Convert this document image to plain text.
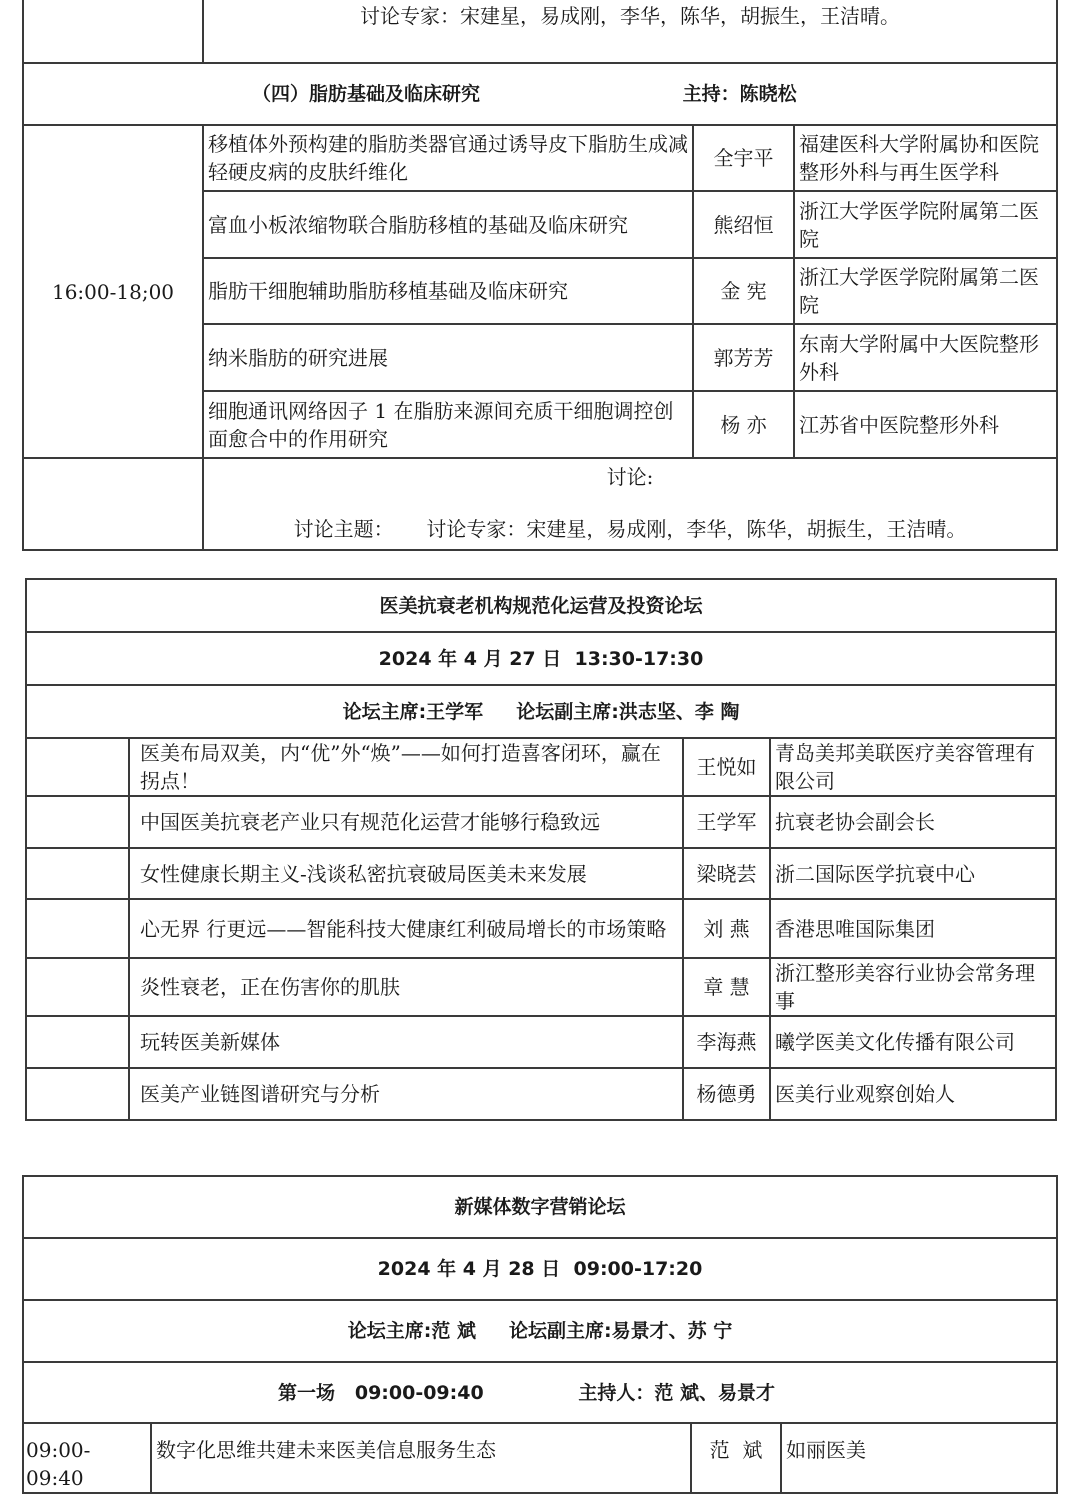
	讨论专家：宋建星，易成刚，李华，陈华，胡振生，王洁晴。		
（四）脂肪基础及临床研究 主持：陈晓松			
16:00-18;00	移植体外预构建的脂肪类器官通过诱导皮下脂肪生成减轻硬皮病的皮肤纤维化	全宇平	福建医科大学附属协和医院整形外科与再生医学科
	富血小板浓缩物联合脂肪移植的基础及临床研究	熊绍恒	浙江大学医学院附属第二医院
	脂肪干细胞辅助脂肪移植基础及临床研究	金 宪	浙江大学医学院附属第二医院
	纳米脂肪的研究进展	郭芳芳	东南大学附属中大医院整形外科
	细胞通讯网络因子 1 在脂肪来源间充质干细胞调控创面愈合中的作用研究	杨 亦	江苏省中医院整形外科

	讨论:
讨论主题： 讨论专家：宋建星，易成刚，李华，陈华，胡振生，王洁晴。		
医美抗衰老机构规范化运营及投资论坛			
2024 年 4 月 27 日  13:30-17:30			
论坛主席:王学军     论坛副主席:洪志坚、李 陶			
	医美布局双美，内“优”外“焕”——如何打造喜客闭环，赢在拐点！	王悦如	青岛美邦美联医疗美容管理有限公司
	中国医美抗衰老产业只有规范化运营才能够行稳致远	王学军	抗衰老协会副会长
	女性健康长期主义-浅谈私密抗衰破局医美未来发展	梁晓芸	浙二国际医学抗衰中心
	心无界 行更远——智能科技大健康红利破局增长的市场策略	刘 燕	香港思唯国际集团
	炎性衰老，正在伤害你的肌肤	章 慧	浙江整形美容行业协会常务理事
	玩转医美新媒体	李海燕	曦学医美文化传播有限公司
	医美产业链图谱研究与分析	杨德勇	医美行业观察创始人
新媒体数字营销论坛
2024 年 4 月 28 日  09:00-17:20
论坛主席:范 斌     论坛副主席:易景才、苏 宁
第一场   09:00-09:40	主持人：范 斌、易景才
09:00-09:40	数字化思维共建未来医美信息服务生态	范  斌	如丽医美
